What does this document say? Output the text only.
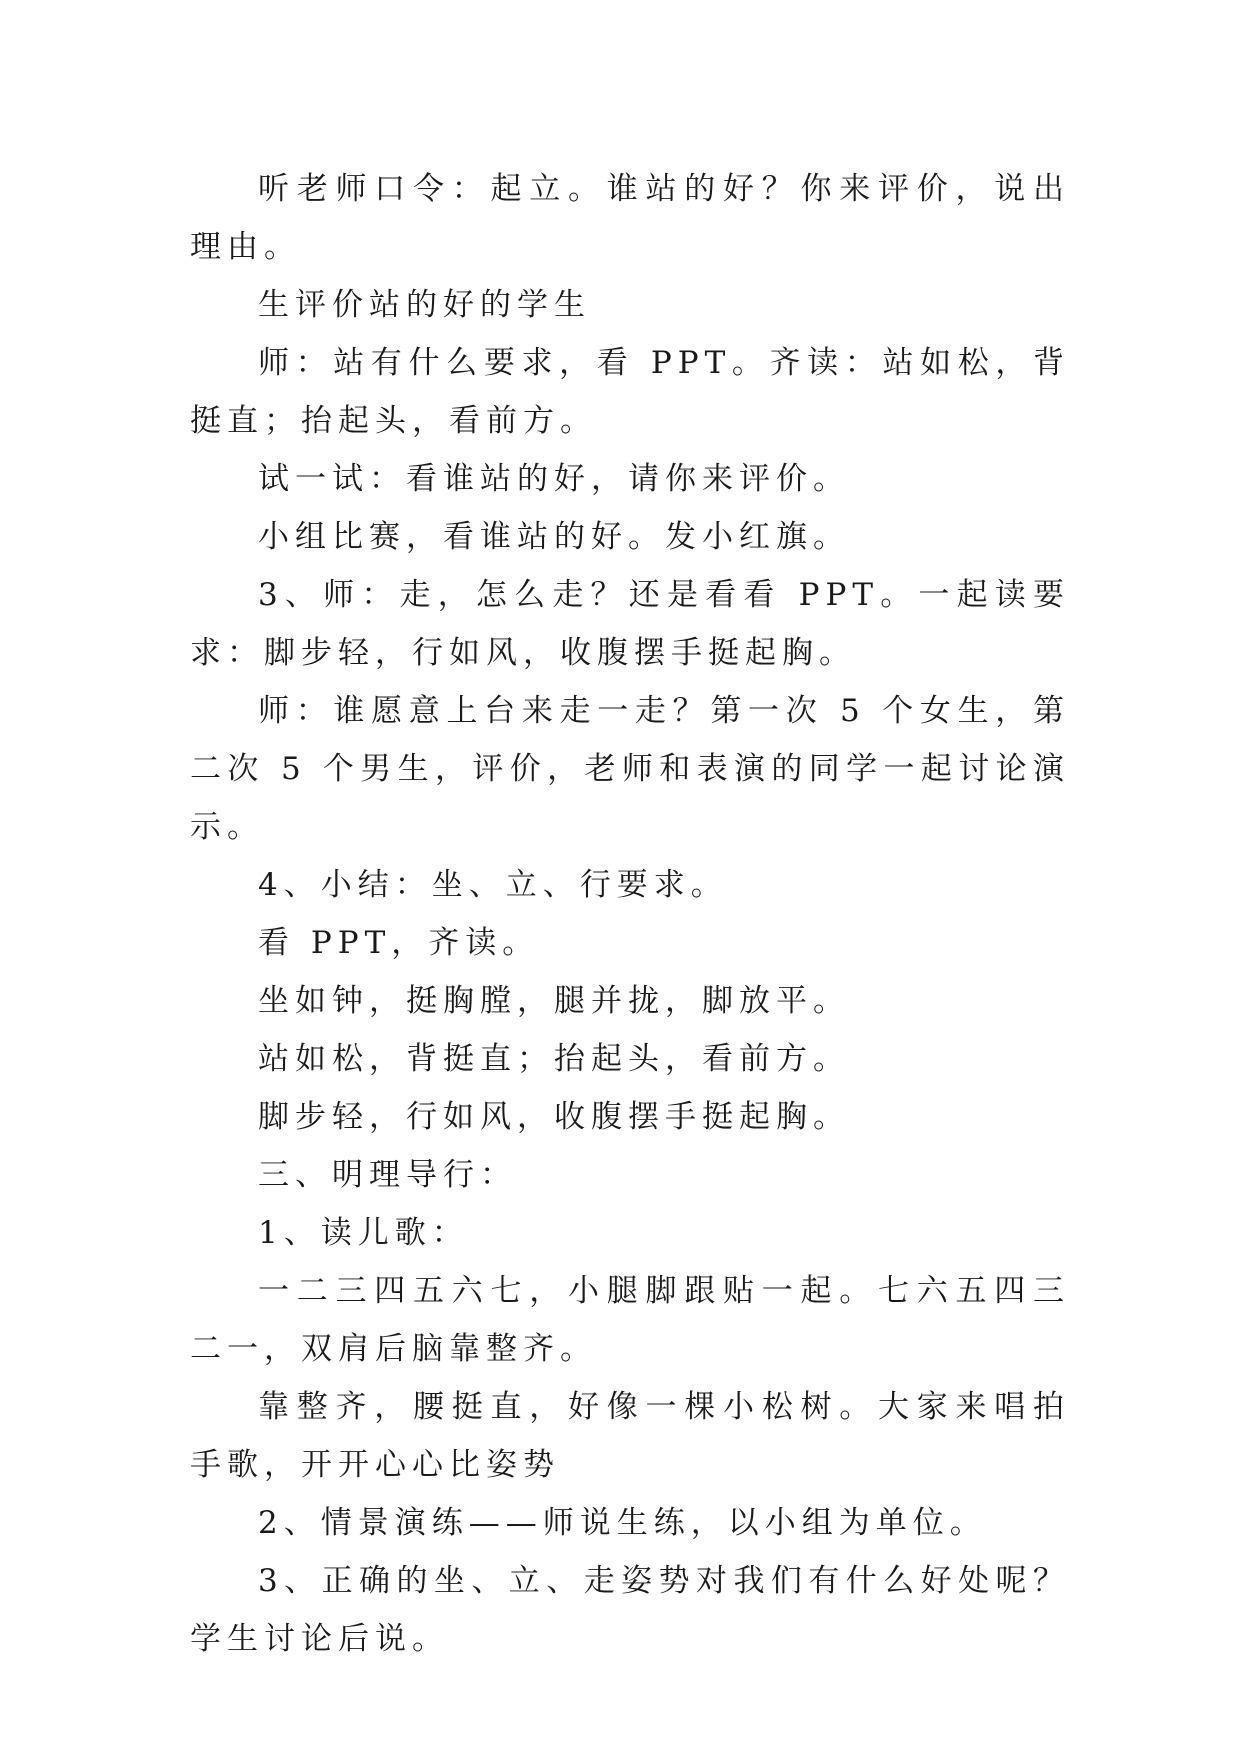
听老师口令：起立。谁站的好？你来评价，说出理由。

生评价站的好的学生

师：站有什么要求，看 PPT。齐读：站如松，背挺直；抬起头，看前方。

试一试：看谁站的好，请你来评价。

小组比赛，看谁站的好。发小红旗。

3、师：走，怎么走？还是看看 PPT。一起读要求：脚步轻，行如风，收腹摆手挺起胸。

师：谁愿意上台来走一走？第一次 5 个女生，第二次 5 个男生，评价，老师和表演的同学一起讨论演示。

4、小结：坐、立、行要求。

看 PPT，齐读。

坐如钟，挺胸膛，腿并拢，脚放平。

站如松，背挺直；抬起头，看前方。

脚步轻，行如风，收腹摆手挺起胸。

三、明理导行：

1、读儿歌：

一二三四五六七，小腿脚跟贴一起。七六五四三二一，双肩后脑靠整齐。

靠整齐，腰挺直，好像一棵小松树。大家来唱拍手歌，开开心心比姿势

2、情景演练——师说生练，以小组为单位。

3、正确的坐、立、走姿势对我们有什么好处呢？学生讨论后说。
